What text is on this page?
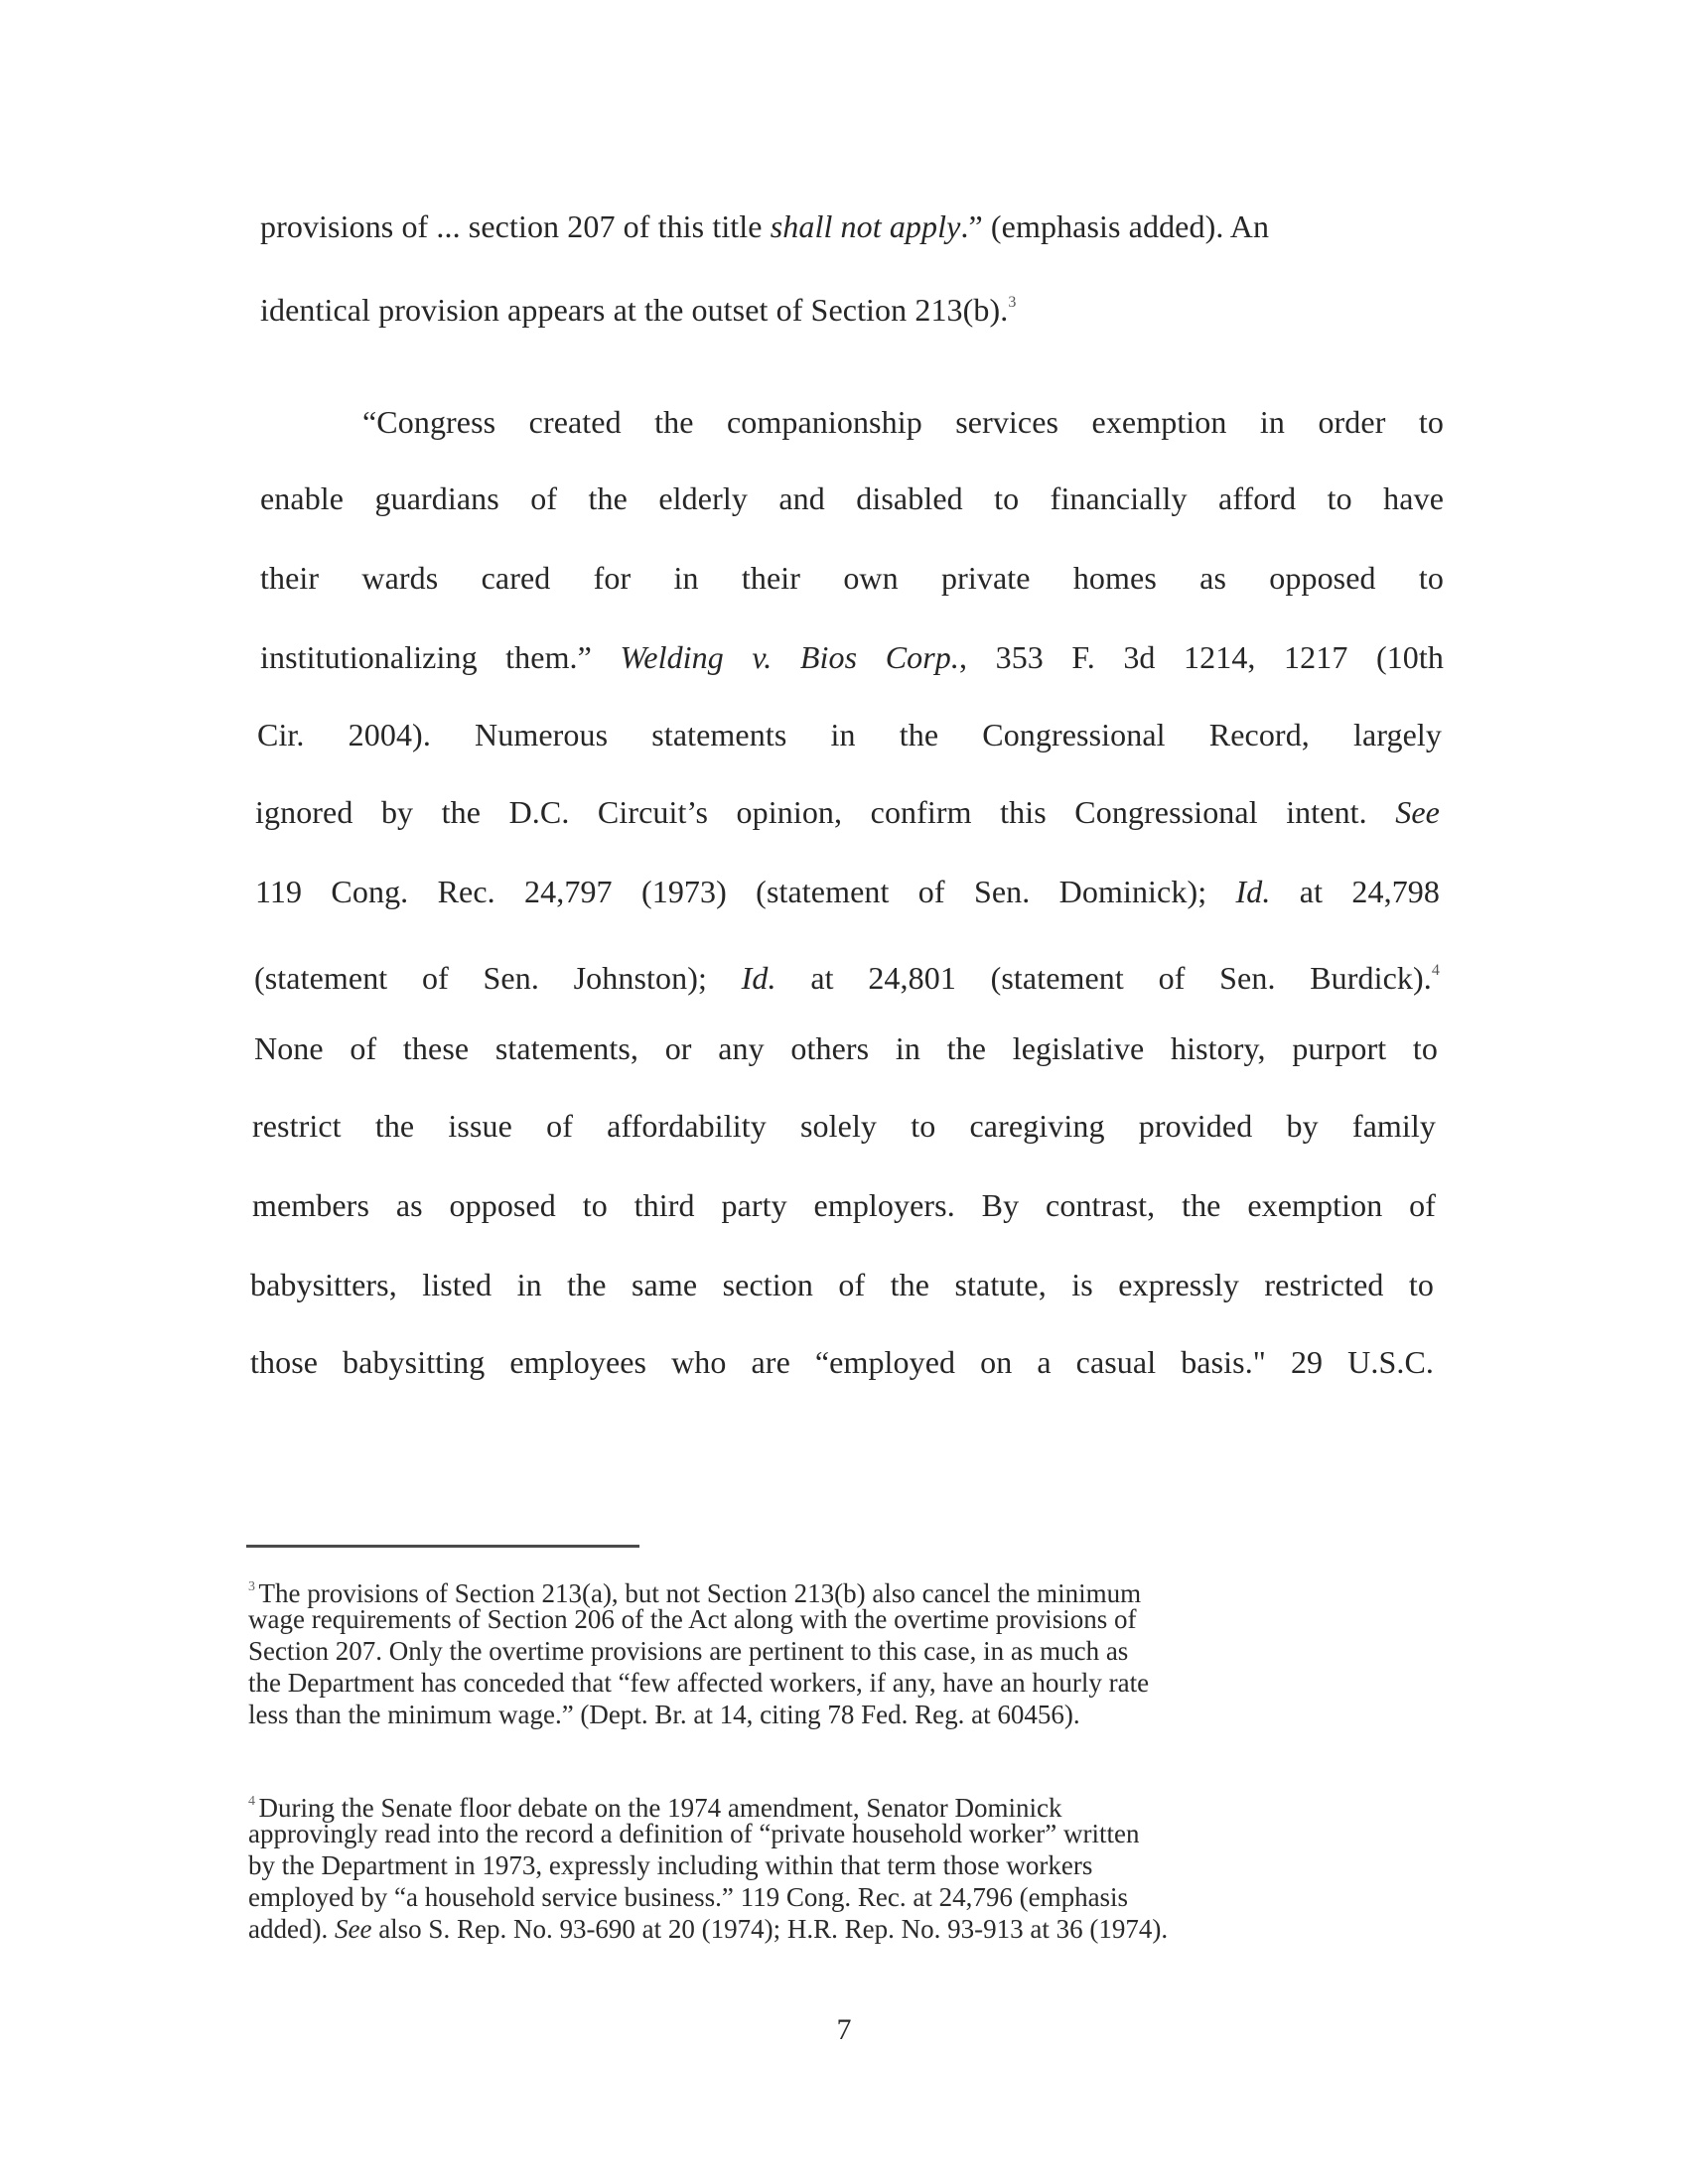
provisions of ... section 207 of this title shall not apply.” (emphasis added). An
identical provision appears at the outset of Section 213(b).$^3$
“Congress created the companionship services exemption in order to
enable guardians of the elderly and disabled to financially afford to have
their wards cared for in their own private homes as opposed to
institutionalizing them.” Welding v. Bios Corp., 353 F. 3d 1214, 1217 (10th
Cir. 2004). Numerous statements in the Congressional Record, largely
ignored by the D.C. Circuit’s opinion, confirm this Congressional intent. See
119 Cong. Rec. 24,797 (1973) (statement of Sen. Dominick); Id. at 24,798
(statement of Sen. Johnston); Id. at 24,801 (statement of Sen. Burdick).$^4$
None of these statements, or any others in the legislative history, purport to
restrict the issue of affordability solely to caregiving provided by family
members as opposed to third party employers. By contrast, the exemption of
babysitters, listed in the same section of the statute, is expressly restricted to
those babysitting employees who are “employed on a casual basis." 29 U.S.C.
$^3$ The provisions of Section 213(a), but not Section 213(b) also cancel the minimum
wage requirements of Section 206 of the Act along with the overtime provisions of
Section 207. Only the overtime provisions are pertinent to this case, in as much as
the Department has conceded that “few affected workers, if any, have an hourly rate
less than the minimum wage.” (Dept. Br. at 14, citing 78 Fed. Reg. at 60456).
$^4$ During the Senate floor debate on the 1974 amendment, Senator Dominick
approvingly read into the record a definition of “private household worker” written
by the Department in 1973, expressly including within that term those workers
employed by “a household service business.” 119 Cong. Rec. at 24,796 (emphasis
added). See also S. Rep. No. 93-690 at 20 (1974); H.R. Rep. No. 93-913 at 36 (1974).
7
